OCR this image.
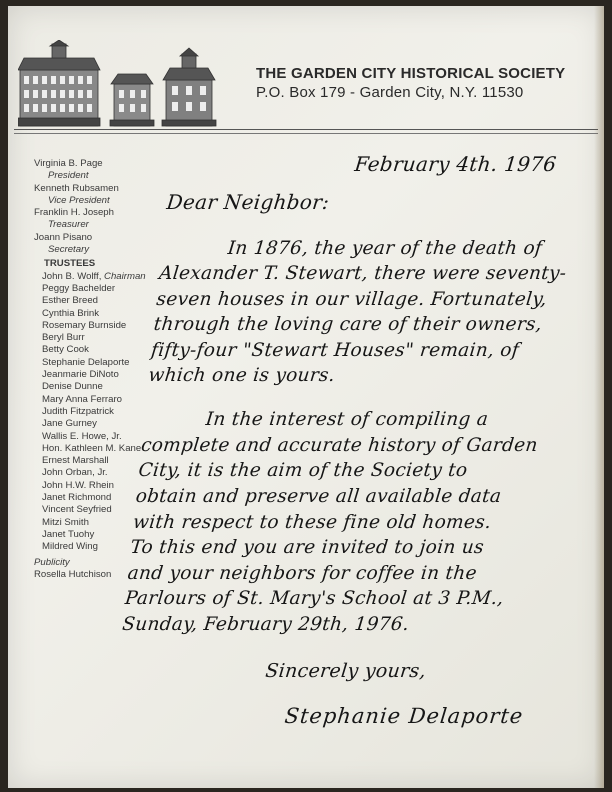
THE GARDEN CITY HISTORICAL SOCIETY
P.O. Box 179 - Garden City, N.Y. 11530
Virginia B. Page
President
Kenneth Rubsamen
Vice President
Franklin H. Joseph
Treasurer
Joann Pisano
Secretary
TRUSTEES
John B. Wolff, Chairman
Peggy Bachelder
Esther Breed
Cynthia Brink
Rosemary Burnside
Beryl Burr
Betty Cook
Stephanie Delaporte
Jeanmarie DiNoto
Denise Dunne
Mary Anna Ferraro
Judith Fitzpatrick
Jane Gurney
Wallis E. Howe, Jr.
Hon. Kathleen M. Kane
Ernest Marshall
John Orban, Jr.
John H.W. Rhein
Janet Richmond
Vincent Seyfried
Mitzi Smith
Janet Tuohy
Mildred Wing
Publicity
Rosella Hutchison
February 4th. 1976
Dear Neighbor:
In 1876, the year of the death of
Alexander T. Stewart, there were seventy-
seven houses in our village. Fortunately,
through the loving care of their owners,
fifty-four "Stewart Houses" remain, of
which one is yours.
In the interest of compiling a
complete and accurate history of Garden
City, it is the aim of the Society to
obtain and preserve all available data
with respect to these fine old homes.
To this end you are invited to join us
and your neighbors for coffee in the
Parlours of St. Mary's School at 3 P.M.,
Sunday, February 29th, 1976.
Sincerely yours,
Stephanie Delaporte
